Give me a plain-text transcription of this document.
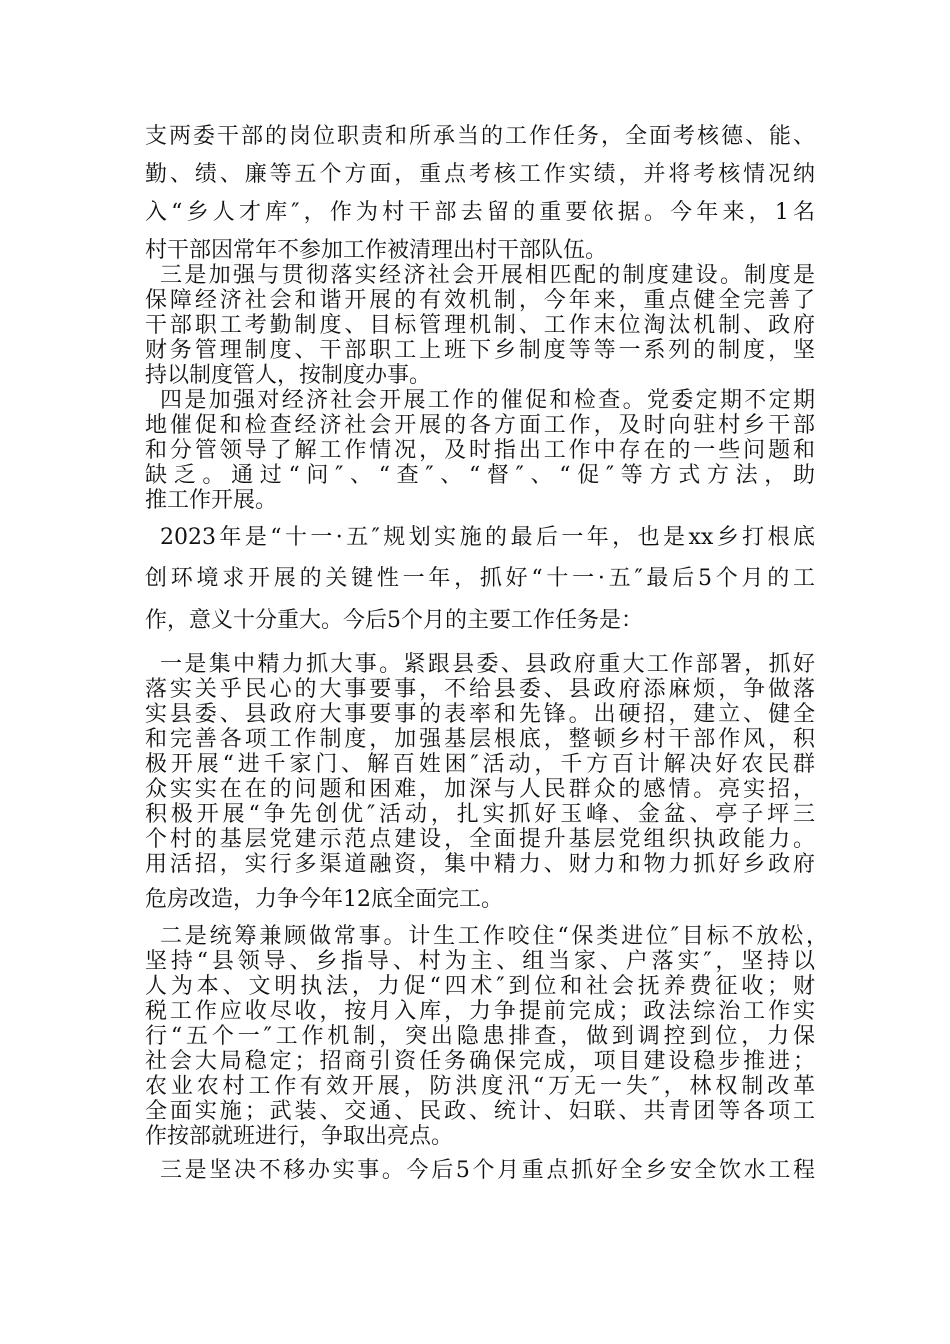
支两委干部的岗位职责和所承当的工作任务，全面考核德、能、
勤、绩、廉等五个方面，重点考核工作实绩，并将考核情况纳
入“乡人才库″，作为村干部去留的重要依据。今年来，1名
村干部因常年不参加工作被清理出村干部队伍。
三是加强与贯彻落实经济社会开展相匹配的制度建设。制度是
保障经济社会和谐开展的有效机制，今年来，重点健全完善了
干部职工考勤制度、目标管理机制、工作末位淘汰机制、政府
财务管理制度、干部职工上班下乡制度等等一系列的制度，坚
持以制度管人，按制度办事。
四是加强对经济社会开展工作的催促和检查。党委定期不定期
地催促和检查经济社会开展的各方面工作，及时向驻村乡干部
和分管领导了解工作情况，及时指出工作中存在的一些问题和
缺乏。通过“问″、“查″、“督″、“促″等方式方法，助
推工作开展。
2023年是“十一·五″规划实施的最后一年，也是xx乡打根底
创环境求开展的关键性一年，抓好“十一·五″最后5个月的工
作，意义十分重大。今后5个月的主要工作任务是：
一是集中精力抓大事。紧跟县委、县政府重大工作部署，抓好
落实关乎民心的大事要事，不给县委、县政府添麻烦，争做落
实县委、县政府大事要事的表率和先锋。出硬招，建立、健全
和完善各项工作制度，加强基层根底，整顿乡村干部作风，积
极开展“进千家门、解百姓困″活动，千方百计解决好农民群
众实实在在的问题和困难，加深与人民群众的感情。亮实招，
积极开展“争先创优″活动，扎实抓好玉峰、金盆、亭子坪三
个村的基层党建示范点建设，全面提升基层党组织执政能力。
用活招，实行多渠道融资，集中精力、财力和物力抓好乡政府
危房改造，力争今年12底全面完工。
二是统筹兼顾做常事。计生工作咬住“保类进位″目标不放松，
坚持“县领导、乡指导、村为主、组当家、户落实″，坚持以
人为本、文明执法，力促“四术″到位和社会抚养费征收；财
税工作应收尽收，按月入库，力争提前完成；政法综治工作实
行“五个一″工作机制，突出隐患排查，做到调控到位，力保
社会大局稳定；招商引资任务确保完成，项目建设稳步推进；
农业农村工作有效开展，防洪度汛“万无一失″，林权制改革
全面实施；武装、交通、民政、统计、妇联、共青团等各项工
作按部就班进行，争取出亮点。
三是坚决不移办实事。今后5个月重点抓好全乡安全饮水工程
